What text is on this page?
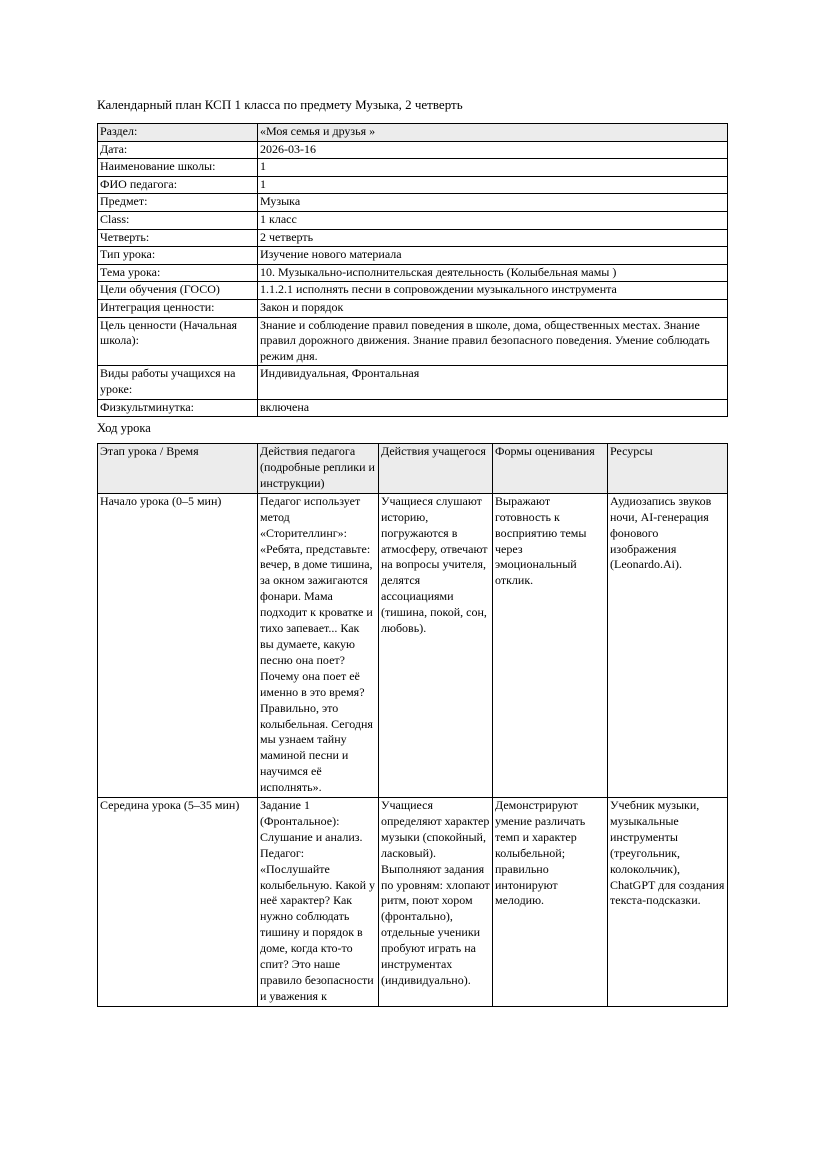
Календарный план КСП 1 класса по предмету Музыка, 2 четверть

Раздел:	«Моя семья и друзья »
Дата:	2026-03-16
Наименование школы:	1
ФИО педагога:	1
Предмет:	Музыка
Class:	1 класс
Четверть:	2 четверть
Тип урока:	Изучение нового материала
Тема урока:	10. Музыкально-исполнительская деятельность (Колыбельная мамы )
Цели обучения (ГОСО)	1.1.2.1 исполнять песни в сопровождении музыкального инструмента
Интеграция ценности:	Закон и порядок
Цель ценности (Начальная школа):	Знание и соблюдение правил поведения в школе, дома, общественных местах. Знание правил дорожного движения. Знание правил безопасного поведения. Умение соблюдать режим дня.
Виды работы учащихся на уроке:	Индивидуальная, Фронтальная
Физкультминутка:	включена

Ход урока

Этап урока / Время	Действия педагога (подробные реплики и инструкции)	Действия учащегося	Формы оценивания	Ресурсы
Начало урока (0–5 мин)	Педагог использует метод «Сторителлинг»: «Ребята, представьте: вечер, в доме тишина, за окном зажигаются фонари. Мама подходит к кроватке и тихо запевает... Как вы думаете, какую песню она поет? Почему она поет её именно в это время? Правильно, это колыбельная. Сегодня мы узнаем тайну маминой песни и научимся её исполнять».	Учащиеся слушают историю, погружаются в атмосферу, отвечают на вопросы учителя, делятся ассоциациями (тишина, покой, сон, любовь).	Выражают готовность к восприятию темы через эмоциональный отклик.	Аудиозапись звуков ночи, AI-генерация фонового изображения (Leonardo.Ai).
Середина урока (5–35 мин)	Задание 1 (Фронтальное): Слушание и анализ. Педагог: «Послушайте колыбельную. Какой у неё характер? Как нужно соблюдать тишину и порядок в доме, когда кто-то спит? Это наше правило безопасности и уважения к	Учащиеся определяют характер музыки (спокойный, ласковый). Выполняют задания по уровням: хлопают ритм, поют хором (фронтально), отдельные ученики пробуют играть на инструментах (индивидуально).	Демонстрируют умение различать темп и характер колыбельной; правильно интонируют мелодию.	Учебник музыки, музыкальные инструменты (треугольник, колокольчик), ChatGPT для создания текста-подсказки.
